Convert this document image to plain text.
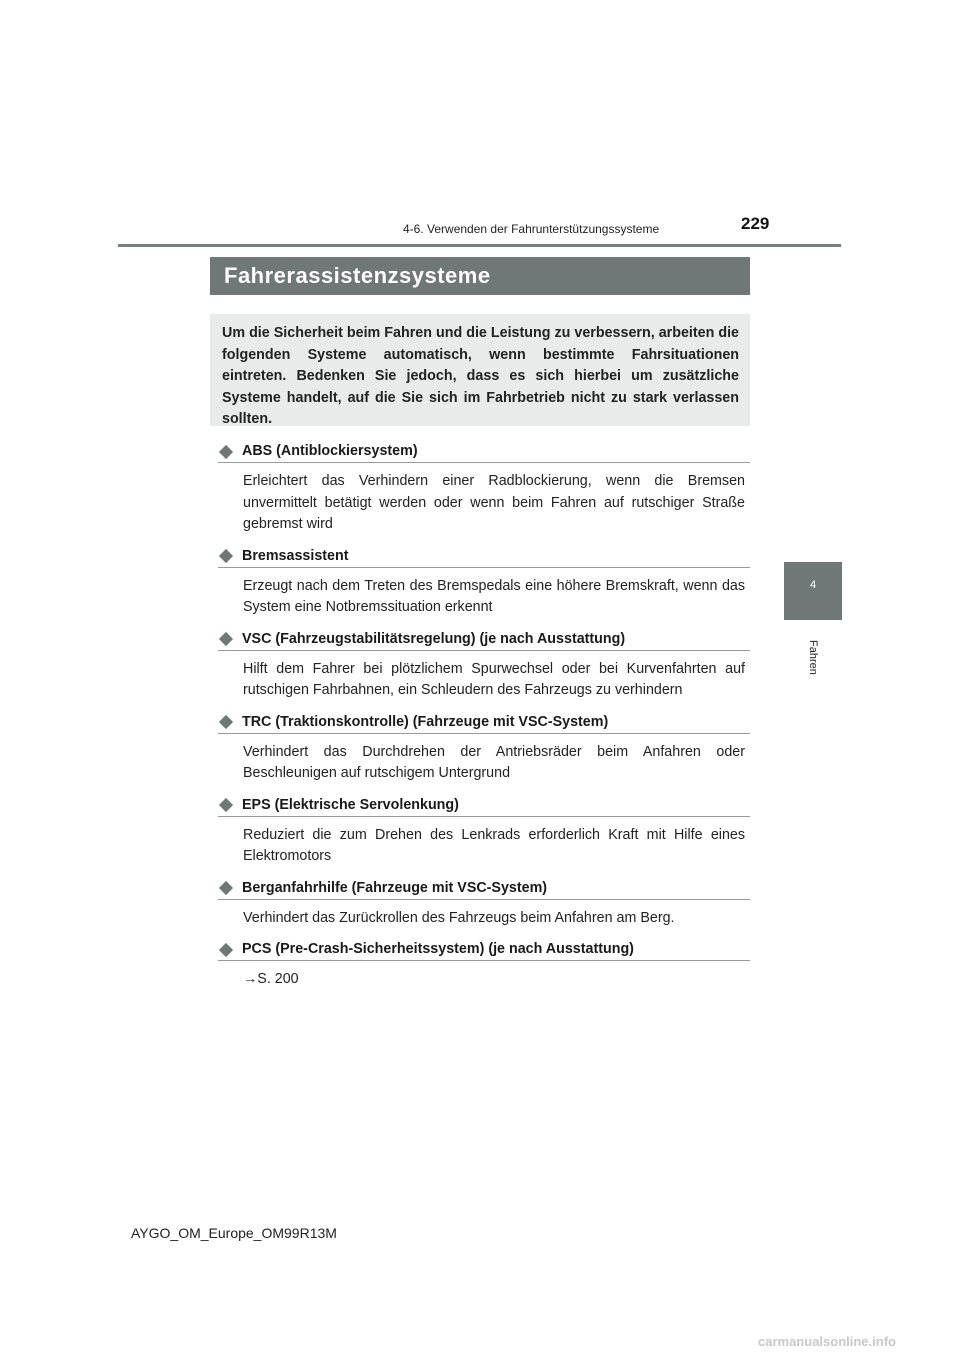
4-6. Verwenden der Fahrunterstützungssysteme	229
4
Fahren
Fahrerassistenzsysteme
Um die Sicherheit beim Fahren und die Leistung zu verbessern, arbeiten die folgenden Systeme automatisch, wenn bestimmte Fahrsituationen eintreten. Bedenken Sie jedoch, dass es sich hierbei um zusätzliche Systeme handelt, auf die Sie sich im Fahrbetrieb nicht zu stark verlassen sollten.
ABS (Antiblockiersystem)
Erleichtert das Verhindern einer Radblockierung, wenn die Bremsen unvermittelt betätigt werden oder wenn beim Fahren auf rutschiger Straße gebremst wird
Bremsassistent
Erzeugt nach dem Treten des Bremspedals eine höhere Bremskraft, wenn das System eine Notbremssituation erkennt
VSC (Fahrzeugstabilitätsregelung) (je nach Ausstattung)
Hilft dem Fahrer bei plötzlichem Spurwechsel oder bei Kurvenfahrten auf rutschigen Fahrbahnen, ein Schleudern des Fahrzeugs zu verhindern
TRC (Traktionskontrolle) (Fahrzeuge mit VSC-System)
Verhindert das Durchdrehen der Antriebsräder beim Anfahren oder Beschleunigen auf rutschigem Untergrund
EPS (Elektrische Servolenkung)
Reduziert die zum Drehen des Lenkrads erforderlich Kraft mit Hilfe eines Elektromotors
Berganfahrhilfe (Fahrzeuge mit VSC-System)
Verhindert das Zurückrollen des Fahrzeugs beim Anfahren am Berg.
PCS (Pre-Crash-Sicherheitssystem) (je nach Ausstattung)
→S. 200
AYGO_OM_Europe_OM99R13M
carmanualsonline.info
